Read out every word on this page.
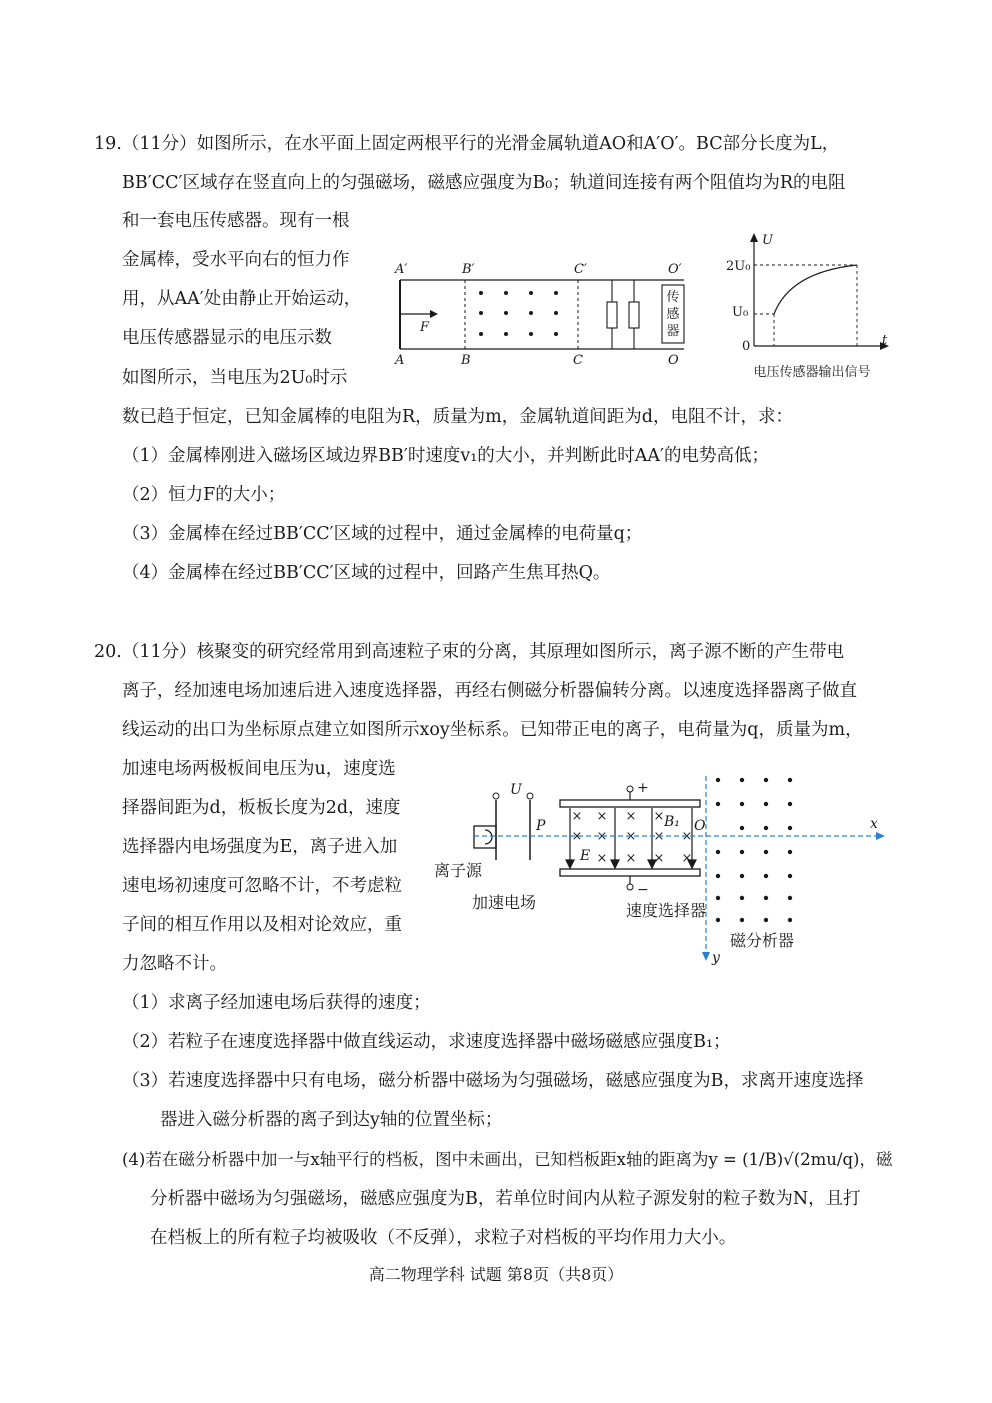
19.（11分）如图所示，在水平面上固定两根平行的光滑金属轨道AO和A′O′。BC部分长度为L，
BB′CC′区域存在竖直向上的匀强磁场，磁感应强度为B₀；轨道间连接有两个阻值均为R的电阻
和一套电压传感器。现有一根
金属棒，受水平向右的恒力作
用，从AA′处由静止开始运动，
电压传感器显示的电压示数
如图所示，当电压为2U₀时示
数已趋于恒定，已知金属棒的电阻为R，质量为m，金属轨道间距为d，电阻不计，求：
（1）金属棒刚进入磁场区域边界BB′时速度v₁的大小，并判断此时AA′的电势高低；
（2）恒力F的大小；
（3）金属棒在经过BB′CC′区域的过程中，通过金属棒的电荷量q；
（4）金属棒在经过BB′CC′区域的过程中，回路产生焦耳热Q。
F
传
感
器
A′	B′	C′	O′
A	B	C	O
U
t
0
2U₀
U₀
电压传感器输出信号
20.（11分）核聚变的研究经常用到高速粒子束的分离，其原理如图所示，离子源不断的产生带电
离子，经加速电场加速后进入速度选择器，再经右侧磁分析器偏转分离。以速度选择器离子做直
线运动的出口为坐标原点建立如图所示xoy坐标系。已知带正电的离子，电荷量为q，质量为m，
加速电场两极板间电压为u，速度选
择器间距为d，板板长度为2d，速度
选择器内电场强度为E，离子进入加
速电场初速度可忽略不计，不考虑粒
子间的相互作用以及相对论效应，重
力忽略不计。
（1）求离子经加速电场后获得的速度；
（2）若粒子在速度选择器中做直线运动，求速度选择器中磁场磁感应强度B₁；
（3）若速度选择器中只有电场，磁分析器中磁场为匀强磁场，磁感应强度为B，求离开速度选择
器进入磁分析器的离子到达y轴的位置坐标；
(4)若在磁分析器中加一与x轴平行的档板，图中未画出，已知档板距x轴的距离为y = (1/B)√(2mu/q)，磁
分析器中磁场为匀强磁场，磁感应强度为B，若单位时间内从粒子源发射的粒子数为N，且打
在档板上的所有粒子均被吸收（不反弹），求粒子对档板的平均作用力大小。
离子源
U
P
加速电场
+
−
E
× × × ×
× × × × ×
× × × ×
B₁
速度选择器
x
y
O
磁分析器
高二物理学科 试题 第8页（共8页）
